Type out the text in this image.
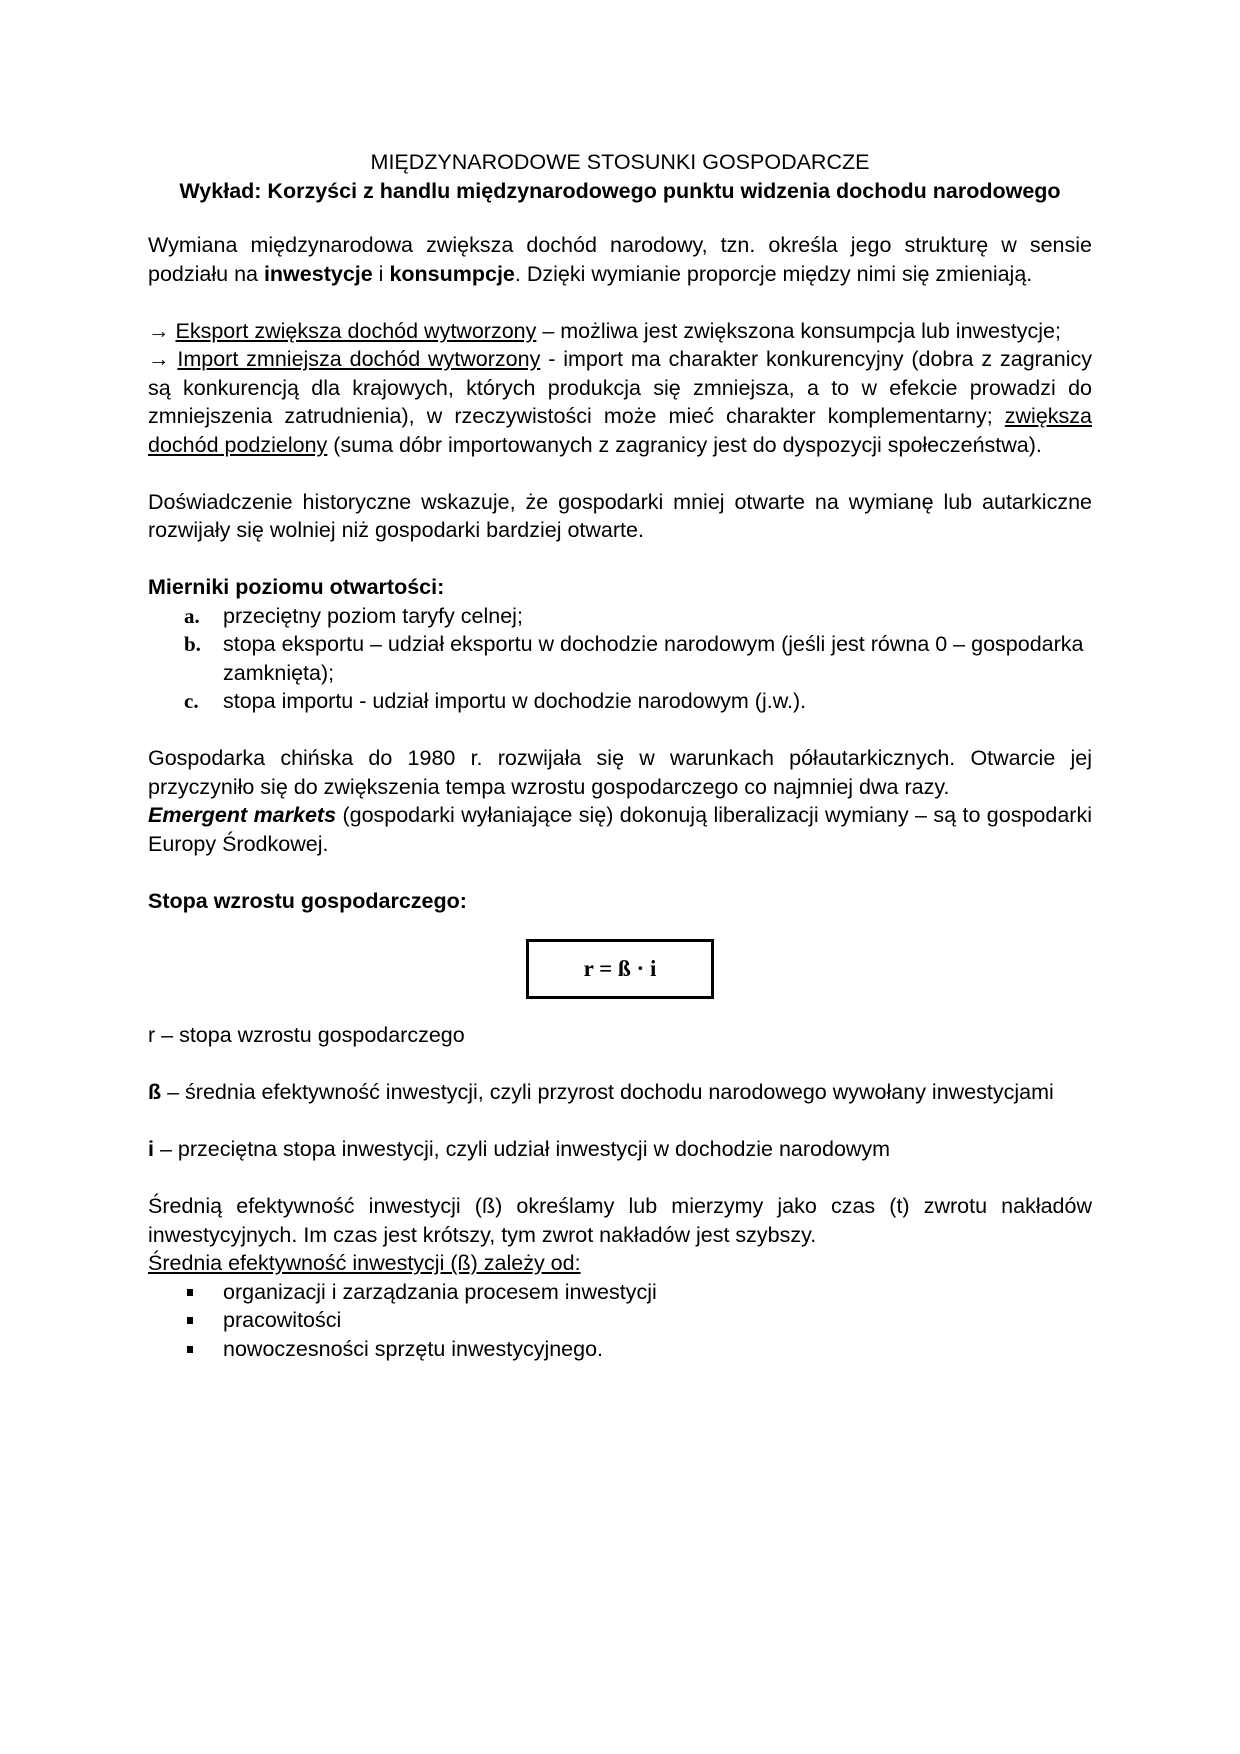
MIĘDZYNARODOWE STOSUNKI GOSPODARCZE
Wykład: Korzyści z handlu międzynarodowego punktu widzenia dochodu narodowego

Wymiana międzynarodowa zwiększa dochód narodowy, tzn. określa jego strukturę w sensie podziału na inwestycje i konsumpcje. Dzięki wymianie proporcje między nimi się zmieniają.

→ Eksport zwiększa dochód wytworzony – możliwa jest zwiększona konsumpcja lub inwestycje;

→ Import zmniejsza dochód wytworzony - import ma charakter konkurencyjny (dobra z zagranicy są konkurencją dla krajowych, których produkcja się zmniejsza, a to w efekcie prowadzi do zmniejszenia zatrudnienia), w rzeczywistości może mieć charakter komplementarny; zwiększa dochód podzielony (suma dóbr importowanych z zagranicy jest do dyspozycji społeczeństwa).

Doświadczenie historyczne wskazuje, że gospodarki mniej otwarte na wymianę lub autarkiczne rozwijały się wolniej niż gospodarki bardziej otwarte.

Mierniki poziomu otwartości:
a. przeciętny poziom taryfy celnej;
b. stopa eksportu – udział eksportu w dochodzie narodowym (jeśli jest równa 0 – gospodarka zamknięta);
c. stopa importu - udział importu w dochodzie narodowym (j.w.).

Gospodarka chińska do 1980 r. rozwijała się w warunkach półautarkicznych. Otwarcie jej przyczyniło się do zwiększenia tempa wzrostu gospodarczego co najmniej dwa razy.

Emergent markets (gospodarki wyłaniające się) dokonują liberalizacji wymiany – są to gospodarki Europy Środkowej.

Stopa wzrostu gospodarczego:
r = ß · i

r – stopa wzrostu gospodarczego

ß – średnia efektywność inwestycji, czyli przyrost dochodu narodowego wywołany inwestycjami

i – przeciętna stopa inwestycji, czyli udział inwestycji w dochodzie narodowym

Średnią efektywność inwestycji (ß) określamy lub mierzymy jako czas (t) zwrotu nakładów inwestycyjnych. Im czas jest krótszy, tym zwrot nakładów jest szybszy.

Średnia efektywność inwestycji (ß) zależy od:
organizacji i zarządzania procesem inwestycji
pracowitości
nowoczesności sprzętu inwestycyjnego.
